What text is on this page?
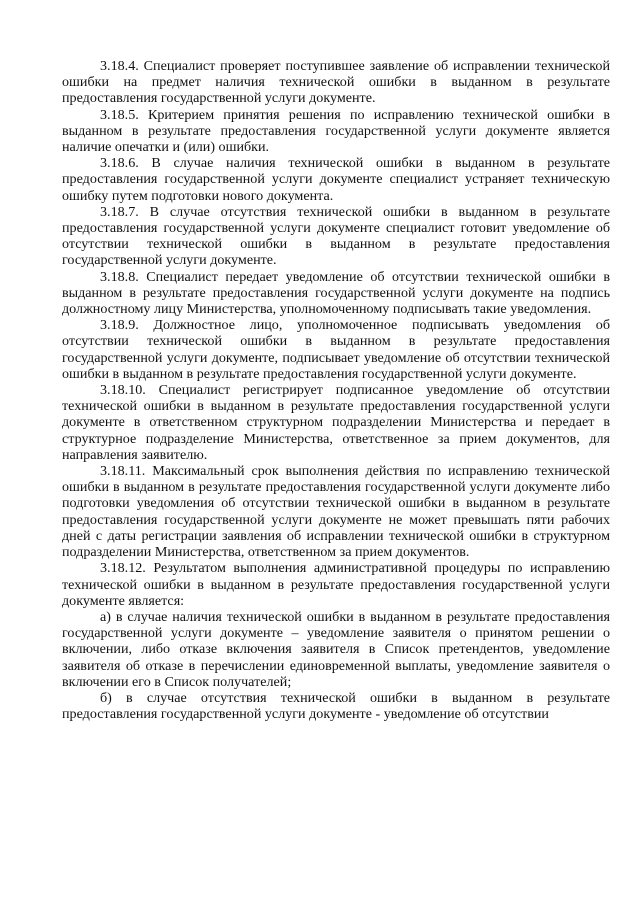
3.18.4. Специалист проверяет поступившее заявление об исправлении технической ошибки на предмет наличия технической ошибки в выданном в результате предоставления государственной услуги документе.

3.18.5. Критерием принятия решения по исправлению технической ошибки в выданном в результате предоставления государственной услуги документе является наличие опечатки и (или) ошибки.

3.18.6. В случае наличия технической ошибки в выданном в результате предоставления государственной услуги документе специалист устраняет техническую ошибку путем подготовки нового документа.

3.18.7. В случае отсутствия технической ошибки в выданном в результате предоставления государственной услуги документе специалист готовит уведомление об отсутствии технической ошибки в выданном в результате предоставления государственной услуги документе.

3.18.8. Специалист передает уведомление об отсутствии технической ошибки в выданном в результате предоставления государственной услуги документе на подпись должностному лицу Министерства, уполномоченному подписывать такие уведомления.

3.18.9. Должностное лицо, уполномоченное подписывать уведомления об отсутствии технической ошибки в выданном в результате предоставления государственной услуги документе, подписывает уведомление об отсутствии технической ошибки в выданном в результате предоставления государственной услуги документе.

3.18.10. Специалист регистрирует подписанное уведомление об отсутствии технической ошибки в выданном в результате предоставления государственной услуги документе в ответственном структурном подразделении Министерства и передает в структурное подразделение Министерства, ответственное за прием документов, для направления заявителю.

3.18.11. Максимальный срок выполнения действия по исправлению технической ошибки в выданном в результате предоставления государственной услуги документе либо подготовки уведомления об отсутствии технической ошибки в выданном в результате предоставления государственной услуги документе не может превышать пяти рабочих дней с даты регистрации заявления об исправлении технической ошибки в структурном подразделении Министерства, ответственном за прием документов.

3.18.12. Результатом выполнения административной процедуры по исправлению технической ошибки в выданном в результате предоставления государственной услуги документе является:

а) в случае наличия технической ошибки в выданном в результате предоставления государственной услуги документе – уведомление заявителя о принятом решении о включении, либо отказе включения заявителя в Список претендентов, уведомление заявителя об отказе в перечислении единовременной выплаты, уведомление заявителя о включении его в Список получателей;

б) в случае отсутствия технической ошибки в выданном в результате предоставления государственной услуги документе - уведомление об отсутствии
